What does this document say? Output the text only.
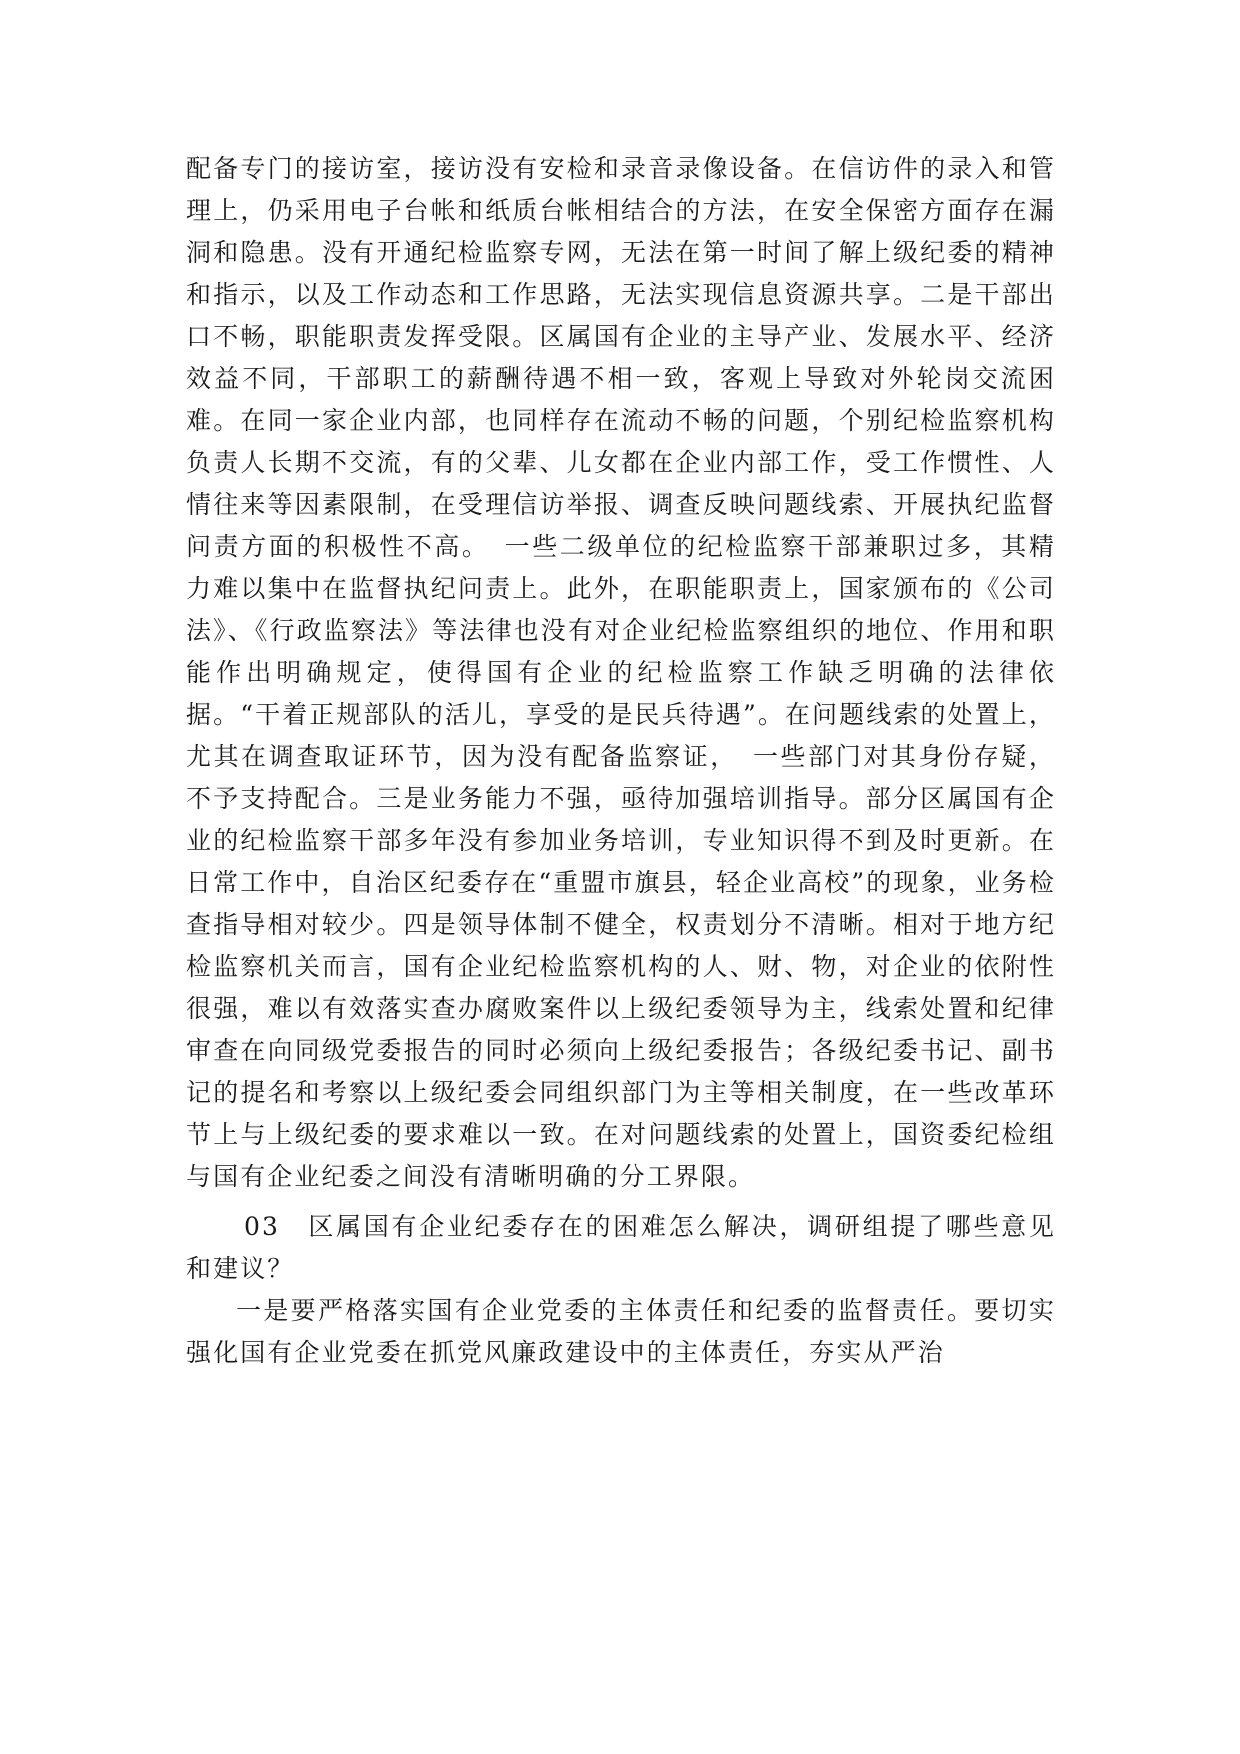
配备专门的接访室，接访没有安检和录音录像设备。在信访件的录入和管理上，仍采用电子台帐和纸质台帐相结合的方法，在安全保密方面存在漏洞和隐患。没有开通纪检监察专网，无法在第一时间了解上级纪委的精神和指示，以及工作动态和工作思路，无法实现信息资源共享。二是干部出口不畅，职能职责发挥受限。区属国有企业的主导产业、发展水平、经济效益不同，干部职工的薪酬待遇不相一致，客观上导致对外轮岗交流困难。在同一家企业内部，也同样存在流动不畅的问题，个别纪检监察机构负责人长期不交流，有的父辈、儿女都在企业内部工作，受工作惯性、人情往来等因素限制，在受理信访举报、调查反映问题线索、开展执纪监督问责方面的积极性不高。　一些二级单位的纪检监察干部兼职过多，其精力难以集中在监督执纪问责上。此外，在职能职责上，国家颁布的《公司法》、《行政监察法》等法律也没有对企业纪检监察组织的地位、作用和职能作出明确规定，使得国有企业的纪检监察工作缺乏明确的法律依据。“干着正规部队的活儿，享受的是民兵待遇”。在问题线索的处置上，尤其在调查取证环节，因为没有配备监察证，　一些部门对其身份存疑，不予支持配合。三是业务能力不强，亟待加强培训指导。部分区属国有企业的纪检监察干部多年没有参加业务培训，专业知识得不到及时更新。在日常工作中，自治区纪委存在“重盟市旗县，轻企业高校”的现象，业务检查指导相对较少。四是领导体制不健全，权责划分不清晰。相对于地方纪检监察机关而言，国有企业纪检监察机构的人、财、物，对企业的依附性很强，难以有效落实查办腐败案件以上级纪委领导为主，线索处置和纪律审查在向同级党委报告的同时必须向上级纪委报告；各级纪委书记、副书记的提名和考察以上级纪委会同组织部门为主等相关制度，在一些改革环节上与上级纪委的要求难以一致。在对问题线索的处置上，国资委纪检组与国有企业纪委之间没有清晰明确的分工界限。

03　区属国有企业纪委存在的困难怎么解决，调研组提了哪些意见和建议？

一是要严格落实国有企业党委的主体责任和纪委的监督责任。要切实强化国有企业党委在抓党风廉政建设中的主体责任，夯实从严治
